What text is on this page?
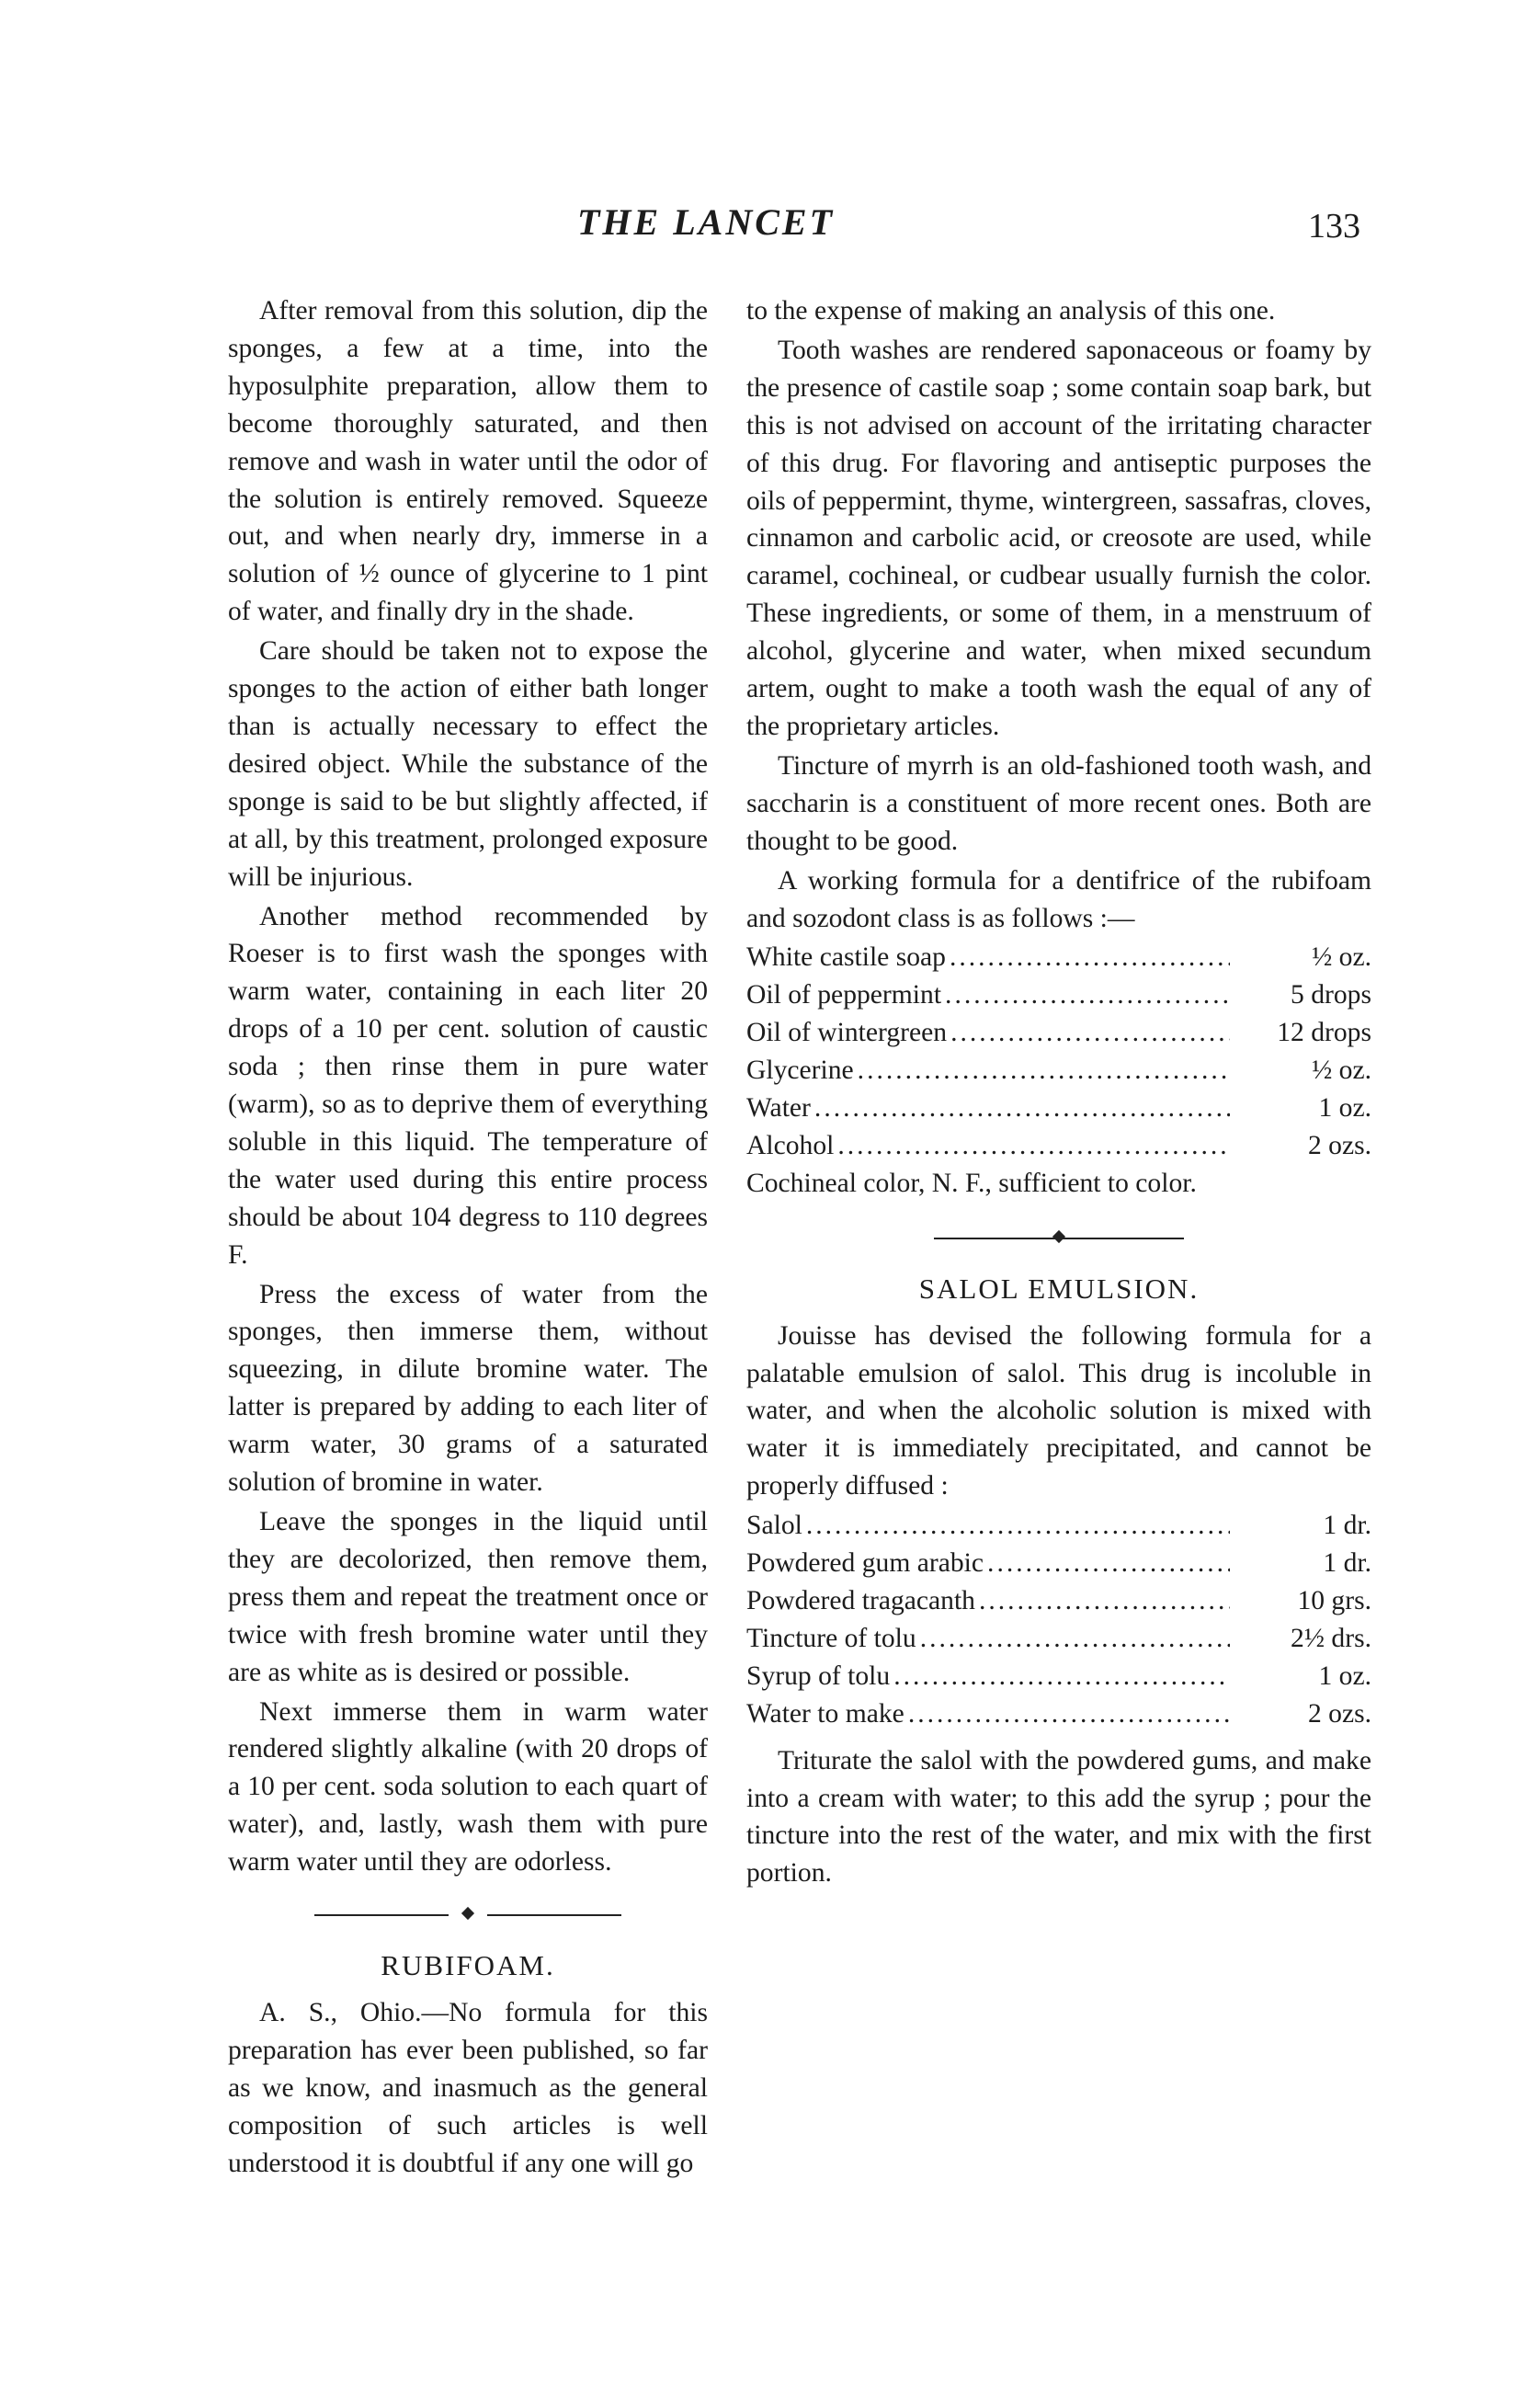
THE LANCET	133

After removal from this solution, dip the sponges, a few at a time, into the hyposulphite preparation, allow them to become thoroughly saturated, and then remove and wash in water until the odor of the solution is entirely removed. Squeeze out, and when nearly dry, immerse in a solution of ½ ounce of glycerine to 1 pint of water, and finally dry in the shade.

Care should be taken not to expose the sponges to the action of either bath longer than is actually necessary to effect the desired object. While the substance of the sponge is said to be but slightly affected, if at all, by this treatment, prolonged exposure will be injurious.

Another method recommended by Roeser is to first wash the sponges with warm water, containing in each liter 20 drops of a 10 per cent. solution of caustic soda ; then rinse them in pure water (warm), so as to deprive them of everything soluble in this liquid. The temperature of the water used during this entire process should be about 104 degress to 110 degrees F.

Press the excess of water from the sponges, then immerse them, without squeezing, in dilute bromine water. The latter is prepared by adding to each liter of warm water, 30 grams of a saturated solution of bromine in water.

Leave the sponges in the liquid until they are decolorized, then remove them, press them and repeat the treatment once or twice with fresh bromine water until they are as white as is desired or possible.

Next immerse them in warm water rendered slightly alkaline (with 20 drops of a 10 per cent. soda solution to each quart of water), and, lastly, wash them with pure warm water until they are odorless.

RUBIFOAM.

A. S., Ohio.—No formula for this preparation has ever been published, so far as we know, and inasmuch as the general composition of such articles is well understood it is doubtful if any one will go

to the expense of making an analysis of this one.

Tooth washes are rendered saponaceous or foamy by the presence of castile soap ; some contain soap bark, but this is not advised on account of the irritating character of this drug. For flavoring and antiseptic purposes the oils of peppermint, thyme, wintergreen, sassafras, cloves, cinnamon and carbolic acid, or creosote are used, while caramel, cochineal, or cudbear usually furnish the color. These ingredients, or some of them, in a menstruum of alcohol, glycerine and water, when mixed secundum artem, ought to make a tooth wash the equal of any of the proprietary articles.

Tincture of myrrh is an old-fashioned tooth wash, and saccharin is a constituent of more recent ones. Both are thought to be good.

A working formula for a dentifrice of the rubifoam and sozodont class is as follows :—

White castile soap .....	½ oz.
Oil of peppermint .....	5 drops
Oil of wintergreen .....	12 drops
Glycerine .....	½ oz.
Water .....	1 oz.
Alcohol .....	2 ozs.
Cochineal color, N. F., sufficient to color.
SALOL EMULSION.

Jouisse has devised the following formula for a palatable emulsion of salol. This drug is incoluble in water, and when the alcoholic solution is mixed with water it is immediately precipitated, and cannot be properly diffused :

Salol .....	1 dr.
Powdered gum arabic .....	1 dr.
Powdered tragacanth .....	10 grs.
Tincture of tolu .....	2½ drs.
Syrup of tolu .....	1 oz.
Water to make .....	2 ozs.

Triturate the salol with the powdered gums, and make into a cream with water; to this add the syrup ; pour the tincture into the rest of the water, and mix with the first portion.
